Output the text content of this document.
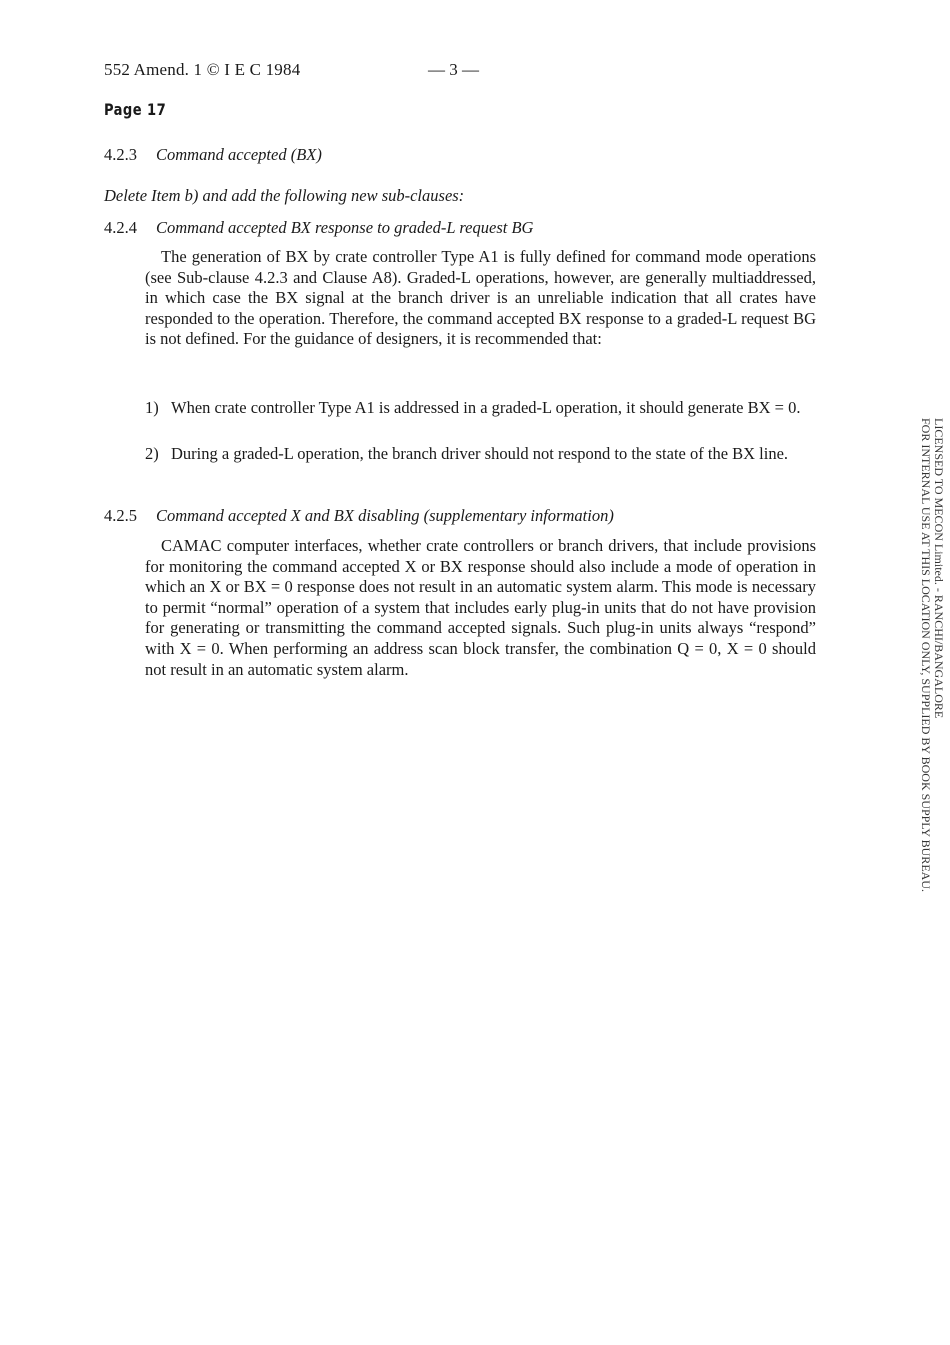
552 Amend. 1 © I E C 1984	— 3 —
Page 17
4.2.3 Command accepted (BX)
Delete Item b) and add the following new sub-clauses:
4.2.4 Command accepted BX response to graded-L request BG

The generation of BX by crate controller Type A1 is fully defined for command mode operations (see Sub-clause 4.2.3 and Clause A8). Graded-L operations, however, are generally multiaddressed, in which case the BX signal at the branch driver is an unreliable indication that all crates have responded to the operation. Therefore, the command accepted BX response to a graded-L request BG is not defined. For the guidance of designers, it is recommended that:

1) When crate controller Type A1 is addressed in a graded-L operation, it should generate BX = 0.
2) During a graded-L operation, the branch driver should not respond to the state of the BX line.
4.2.5 Command accepted X and BX disabling (supplementary information)

CAMAC computer interfaces, whether crate controllers or branch drivers, that include provisions for monitoring the command accepted X or BX response should also include a mode of operation in which an X or BX = 0 response does not result in an automatic system alarm. This mode is necessary to permit “normal” operation of a system that includes early plug-in units that do not have provision for generating or transmitting the command accepted signals. Such plug-in units always “respond” with X = 0. When performing an address scan block transfer, the combination Q = 0, X = 0 should not result in an automatic system alarm.	LICENSED TO MECON Limited. - RANCHI/BANGALORE
FOR INTERNAL USE AT THIS LOCATION ONLY, SUPPLIED BY BOOK SUPPLY BUREAU.
